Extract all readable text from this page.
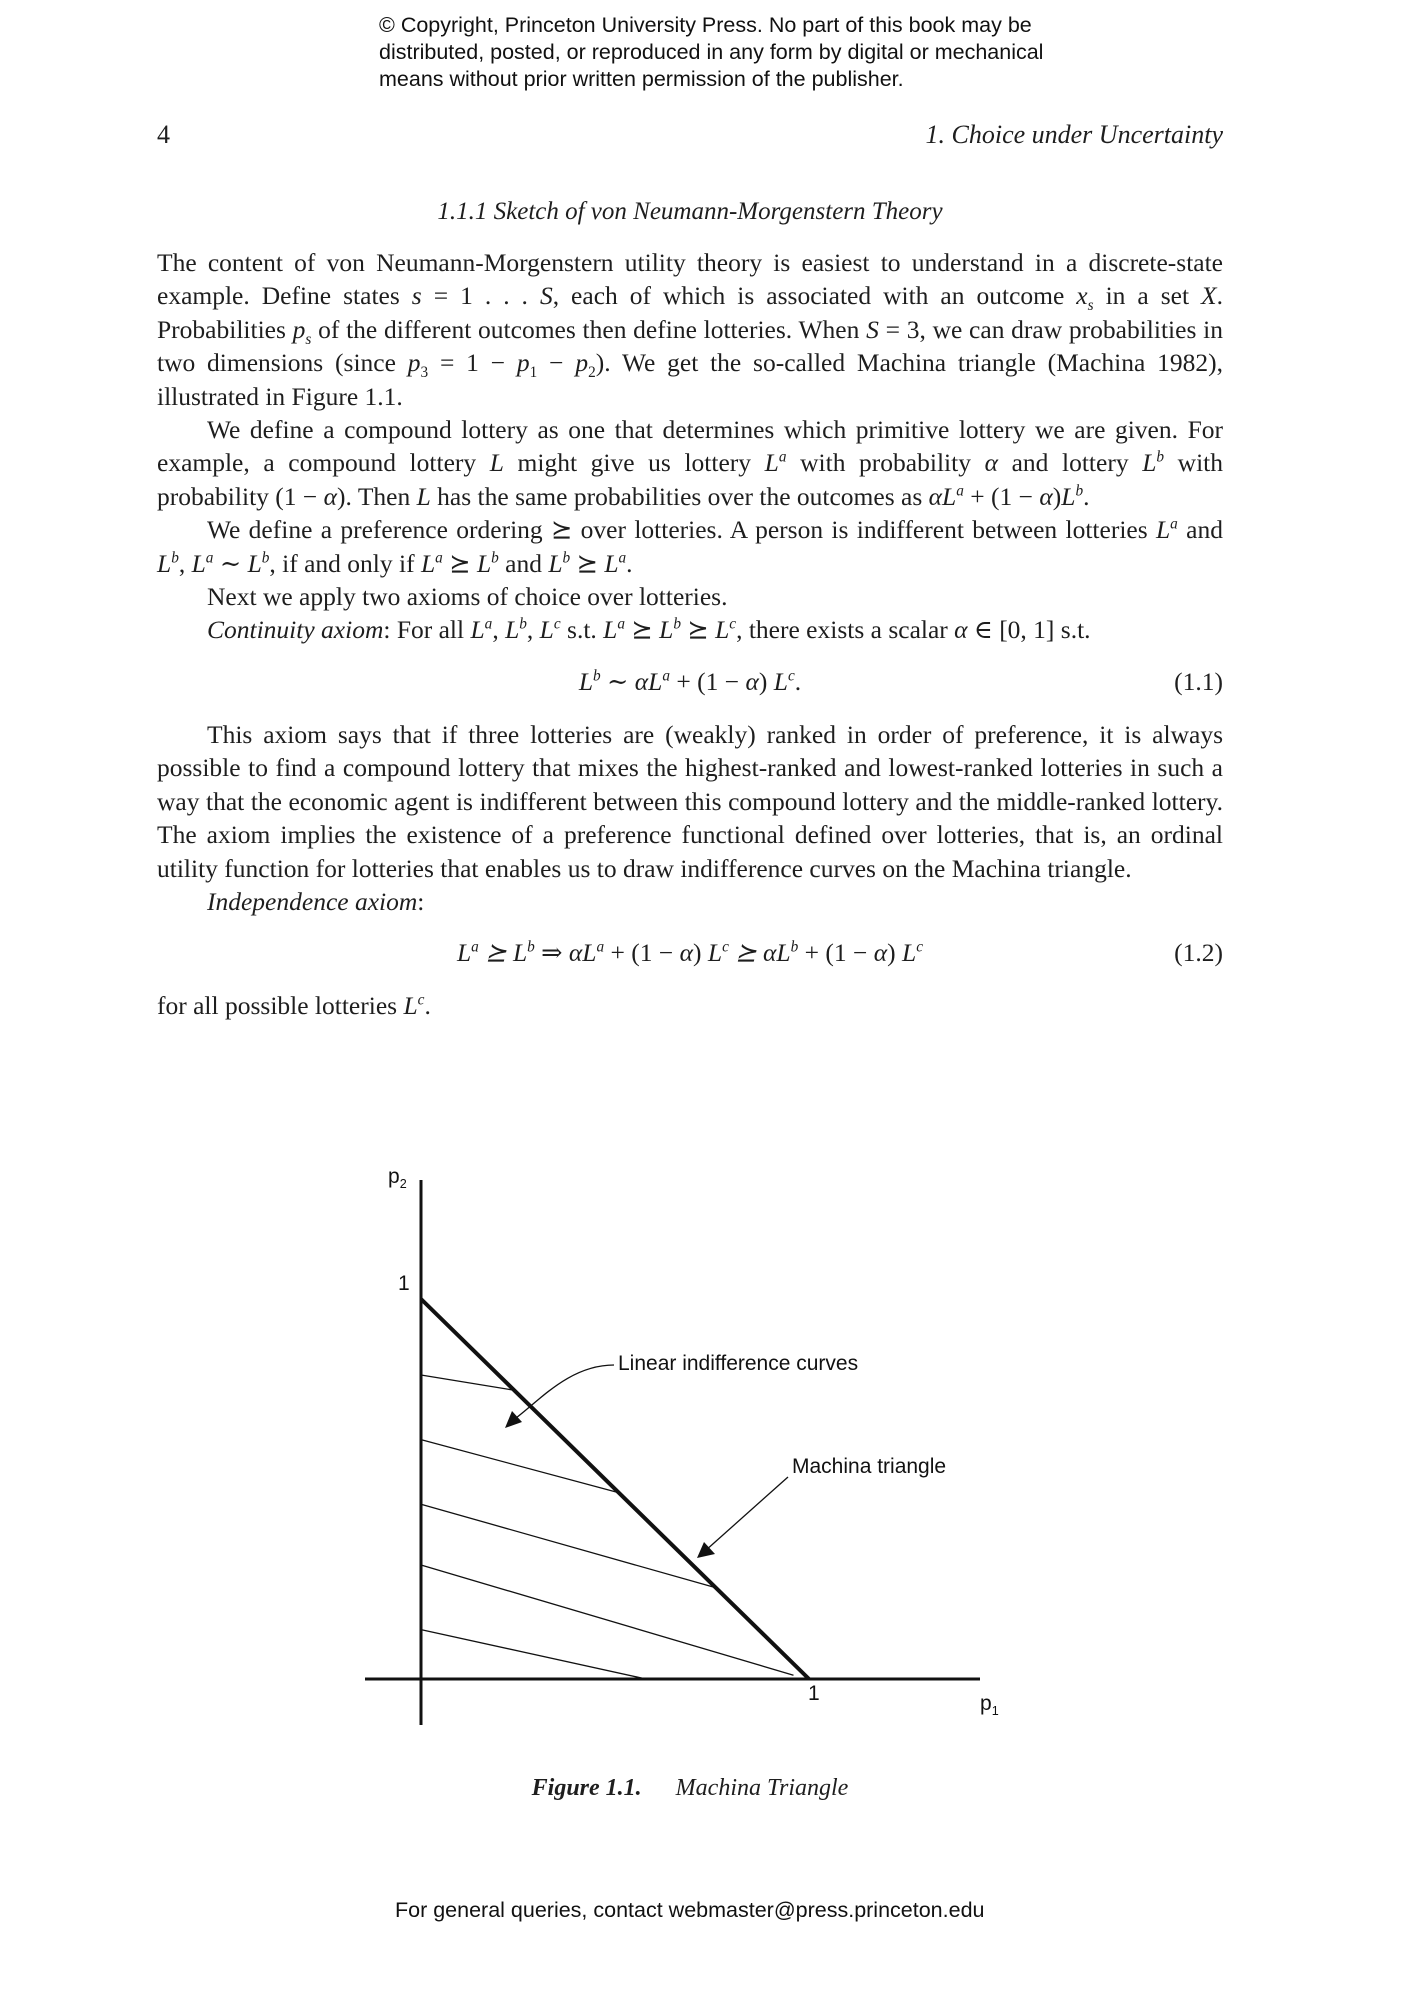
© Copyright, Princeton University Press. No part of this book may be
distributed, posted, or reproduced in any form by digital or mechanical
means without prior written permission of the publisher.
4	1. Choice under Uncertainty
1.1.1 Sketch of von Neumann-Morgenstern Theory

The content of von Neumann-Morgenstern utility theory is easiest to understand in a discrete-state example. Define states s = 1 . . . S, each of which is associated with an outcome $x_s$ in a set X. Probabilities $p_s$ of the different outcomes then define lotteries. When S = 3, we can draw probabilities in two dimensions (since $p_3 = 1 - p_1 - p_2$). We get the so-called Machina triangle (Machina 1982), illustrated in Figure 1.1.

We define a compound lottery as one that determines which primitive lottery we are given. For example, a compound lottery L might give us lottery $L^a$ with probability α and lottery $L^b$ with probability (1 − α). Then L has the same probabilities over the outcomes as $\alpha L^a + (1 - \alpha)L^b$.

We define a preference ordering ⪰ over lotteries. A person is indifferent between lotteries $L^a$ and $L^b$, $L^a$ ∼ $L^b$, if and only if $L^a$ ⪰ $L^b$ and $L^b$ ⪰ $L^a$.

Next we apply two axioms of choice over lotteries.

Continuity axiom: For all $L^a$, $L^b$, $L^c$ s.t. $L^a$ ⪰ $L^b$ ⪰ $L^c$, there exists a scalar α ∈ [0, 1] s.t.

$L^b$ ∼ $\alpha L^a + (1 - \alpha)$ $L^c$.	(1.1)

This axiom says that if three lotteries are (weakly) ranked in order of preference, it is always possible to find a compound lottery that mixes the highest-ranked and lowest-ranked lotteries in such a way that the economic agent is indifferent between this compound lottery and the middle-ranked lottery. The axiom implies the existence of a preference functional defined over lotteries, that is, an ordinal utility function for lotteries that enables us to draw indifference curves on the Machina triangle.

Independence axiom:

$L^a$ ⪰ $L^b$ ⇒ $\alpha L^a + (1 - \alpha)$ $L^c$ ⪰ $\alpha L^b + (1 - \alpha)$ $L^c$	(1.2)

for all possible lotteries $L^c$.

$p_2$
1
1	$p_1$
Linear indifference curves
Machina triangle
Figure 1.1. Machina Triangle
For general queries, contact webmaster@press.princeton.edu
